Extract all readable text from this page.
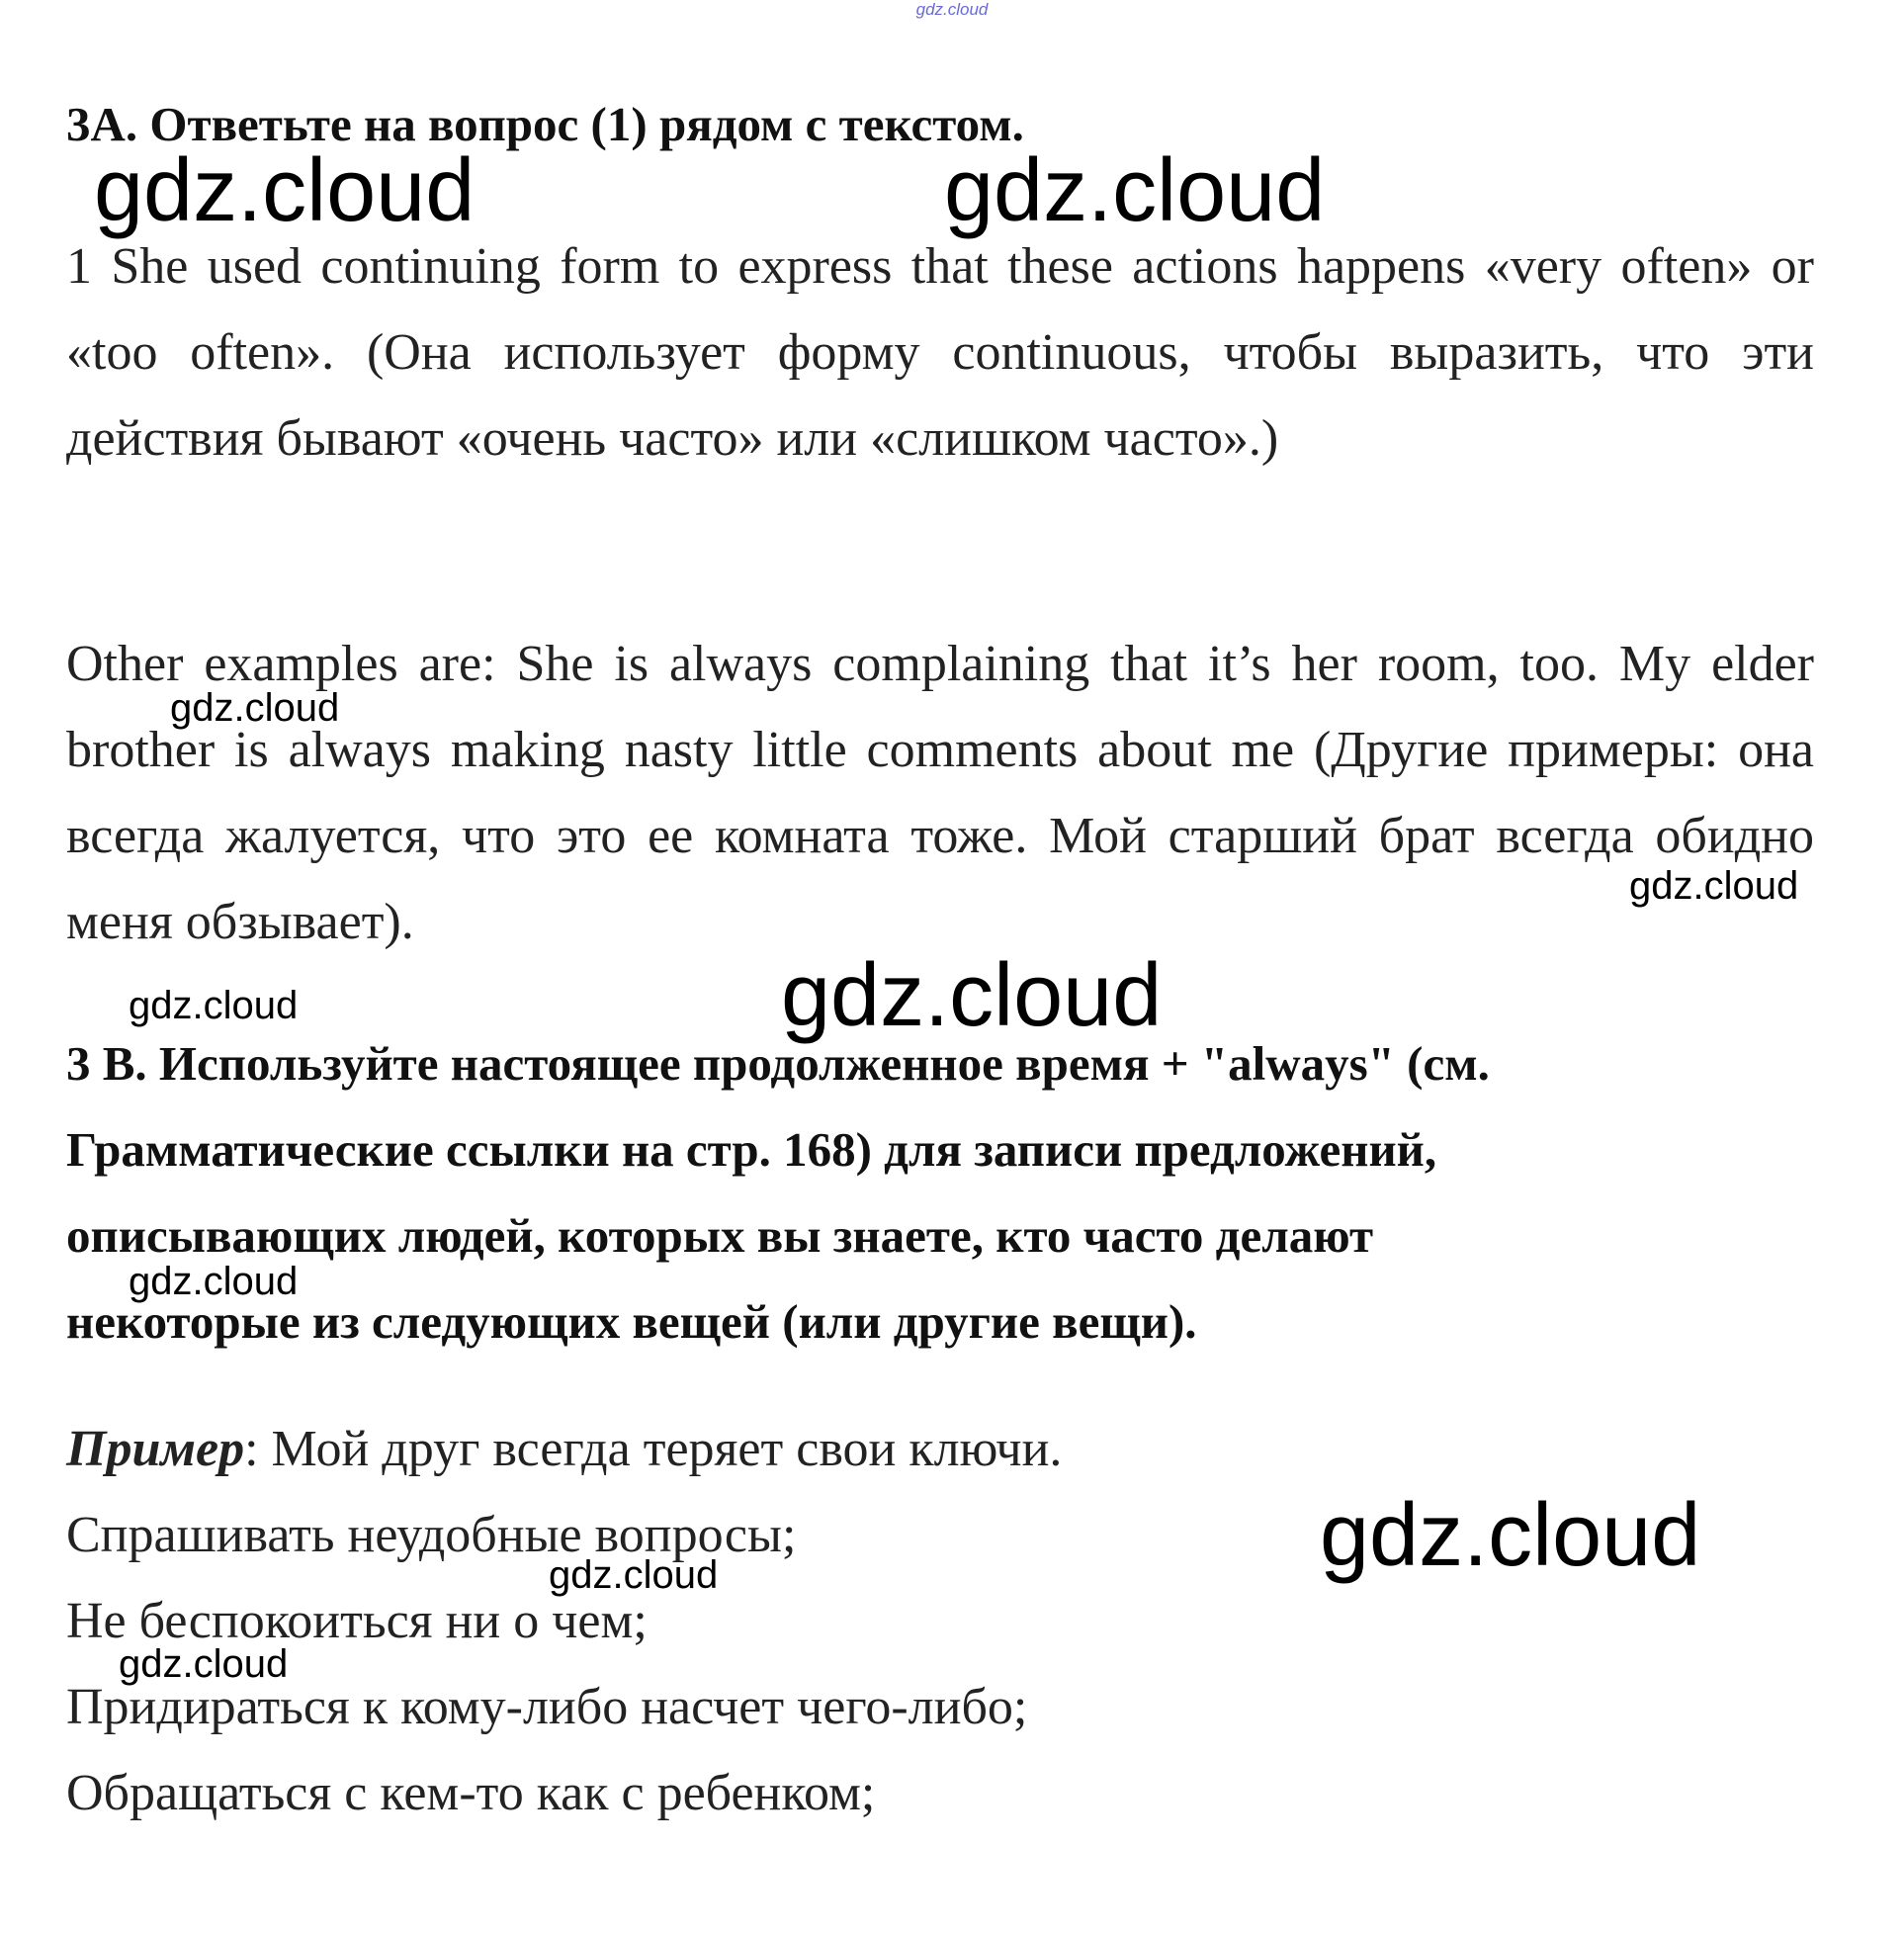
gdz.cloud
3А. Ответьте на вопрос (1) рядом с текстом.
1 She used continuing form to express that these actions happens «very often» or «too often». (Она использует форму continuous, чтобы выразить, что эти действия бывают «очень часто» или «слишком часто».)
Other examples are: She is always complaining that it’s her room, too. My elder brother is always making nasty little comments about me (Другие примеры: она всегда жалуется, что это ее комната тоже. Мой старший брат всегда обидно меня обзывает).
3 B. Используйте настоящее продолженное время + "always" (см.
Грамматические ссылки на стр. 168) для записи предложений,
описывающих людей, которых вы знаете, кто часто делают
некоторые из следующих вещей (или другие вещи).
Пример: Мой друг всегда теряет свои ключи.
Спрашивать неудобные вопросы;
Не беспокоиться ни о чем;
Придираться к кому-либо насчет чего-либо;
Обращаться с кем-то как с ребенком;
gdz.cloud	gdz.cloud
gdz.cloud
gdz.cloud
gdz.cloud
gdz.cloud
gdz.cloud
gdz.cloud
gdz.cloud
gdz.cloud
